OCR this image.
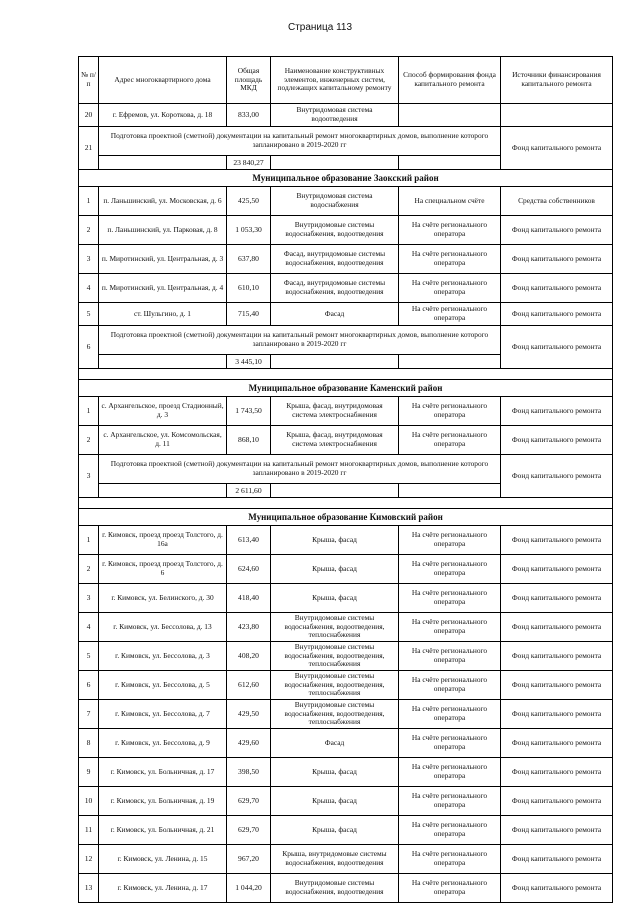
Страница 113
№ п/п	Адрес многоквартирного дома	Общая площадь МКД	Наименование конструктивных элементов, инженерных систем, подлежащих капитальному ремонту	Способ формирования фонда капитального ремонта	Источники финансирования капитального ремонта
20	г. Ефремов, ул. Короткова, д. 18	833,00	Внутридомовая система водоотведения		
21	Подготовка проектной (сметной) документации на капитальный ремонт многоквартирных домов, выполнение которого запланировано в 2019-2020 гг				Фонд капитального ремонта
		23 840,27			
Муниципальное образование Заокский район					
1	п. Ланьшинский, ул. Московская, д. 6	425,50	Внутридомовая система водоснабжения	На специальном счёте	Средства собственников
2	п. Ланьшинский, ул. Парковая, д. 8	1 053,30	Внутридомовые системы водоснабжения, водоотведения	На счёте регионального оператора	Фонд капитального ремонта
3	п. Миротинский, ул. Центральная, д. 3	637,80	Фасад, внутридомовые системы водоснабжения, водоотведения	На счёте регионального оператора	Фонд капитального ремонта
4	п. Миротинский, ул. Центральная, д. 4	610,10	Фасад, внутридомовые системы водоснабжения, водоотведения	На счёте регионального оператора	Фонд капитального ремонта
5	ст. Шульгино, д. 1	715,40	Фасад	На счёте регионального оператора	Фонд капитального ремонта
6	Подготовка проектной (сметной) документации на капитальный ремонт многоквартирных домов, выполнение которого запланировано в 2019-2020 гг				Фонд капитального ремонта
		3 445,10			

Муниципальное образование Каменский район					
1	с. Архангельское, проезд Стадионный, д. 3	1 743,50	Крыша, фасад, внутридомовая система электроснабжения	На счёте регионального оператора	Фонд капитального ремонта
2	с. Архангельское, ул. Комсомольская, д. 11	868,10	Крыша, фасад, внутридомовая система электроснабжения	На счёте регионального оператора	Фонд капитального ремонта
3	Подготовка проектной (сметной) документации на капитальный ремонт многоквартирных домов, выполнение которого запланировано в 2019-2020 гг				Фонд капитального ремонта
		2 611,60			

Муниципальное образование Кимовский район					
1	г. Кимовск, проезд проезд Толстого, д. 16а	613,40	Крыша, фасад	На счёте регионального оператора	Фонд капитального ремонта
2	г. Кимовск, проезд проезд Толстого, д. 6	624,60	Крыша, фасад	На счёте регионального оператора	Фонд капитального ремонта
3	г. Кимовск, ул. Белинского, д. 30	418,40	Крыша, фасад	На счёте регионального оператора	Фонд капитального ремонта
4	г. Кимовск, ул. Бессолова, д. 13	423,80	Внутридомовые системы водоснабжения, водоотведения, теплоснабжения	На счёте регионального оператора	Фонд капитального ремонта
5	г. Кимовск, ул. Бессолова, д. 3	408,20	Внутридомовые системы водоснабжения, водоотведения, теплоснабжения	На счёте регионального оператора	Фонд капитального ремонта
6	г. Кимовск, ул. Бессолова, д. 5	612,60	Внутридомовые системы водоснабжения, водоотведения, теплоснабжения	На счёте регионального оператора	Фонд капитального ремонта
7	г. Кимовск, ул. Бессолова, д. 7	429,50	Внутридомовые системы водоснабжения, водоотведения, теплоснабжения	На счёте регионального оператора	Фонд капитального ремонта
8	г. Кимовск, ул. Бессолова, д. 9	429,60	Фасад	На счёте регионального оператора	Фонд капитального ремонта
9	г. Кимовск, ул. Больничная, д. 17	398,50	Крыша, фасад	На счёте регионального оператора	Фонд капитального ремонта
10	г. Кимовск, ул. Больничная, д. 19	629,70	Крыша, фасад	На счёте регионального оператора	Фонд капитального ремонта
11	г. Кимовск, ул. Больничная, д. 21	629,70	Крыша, фасад	На счёте регионального оператора	Фонд капитального ремонта
12	г. Кимовск, ул. Ленина, д. 15	967,20	Крыша, внутридомовые системы водоснабжения, водоотведения	На счёте регионального оператора	Фонд капитального ремонта
13	г. Кимовск, ул. Ленина, д. 17	1 044,20	Внутридомовые системы водоснабжения, водоотведения	На счёте регионального оператора	Фонд капитального ремонта
